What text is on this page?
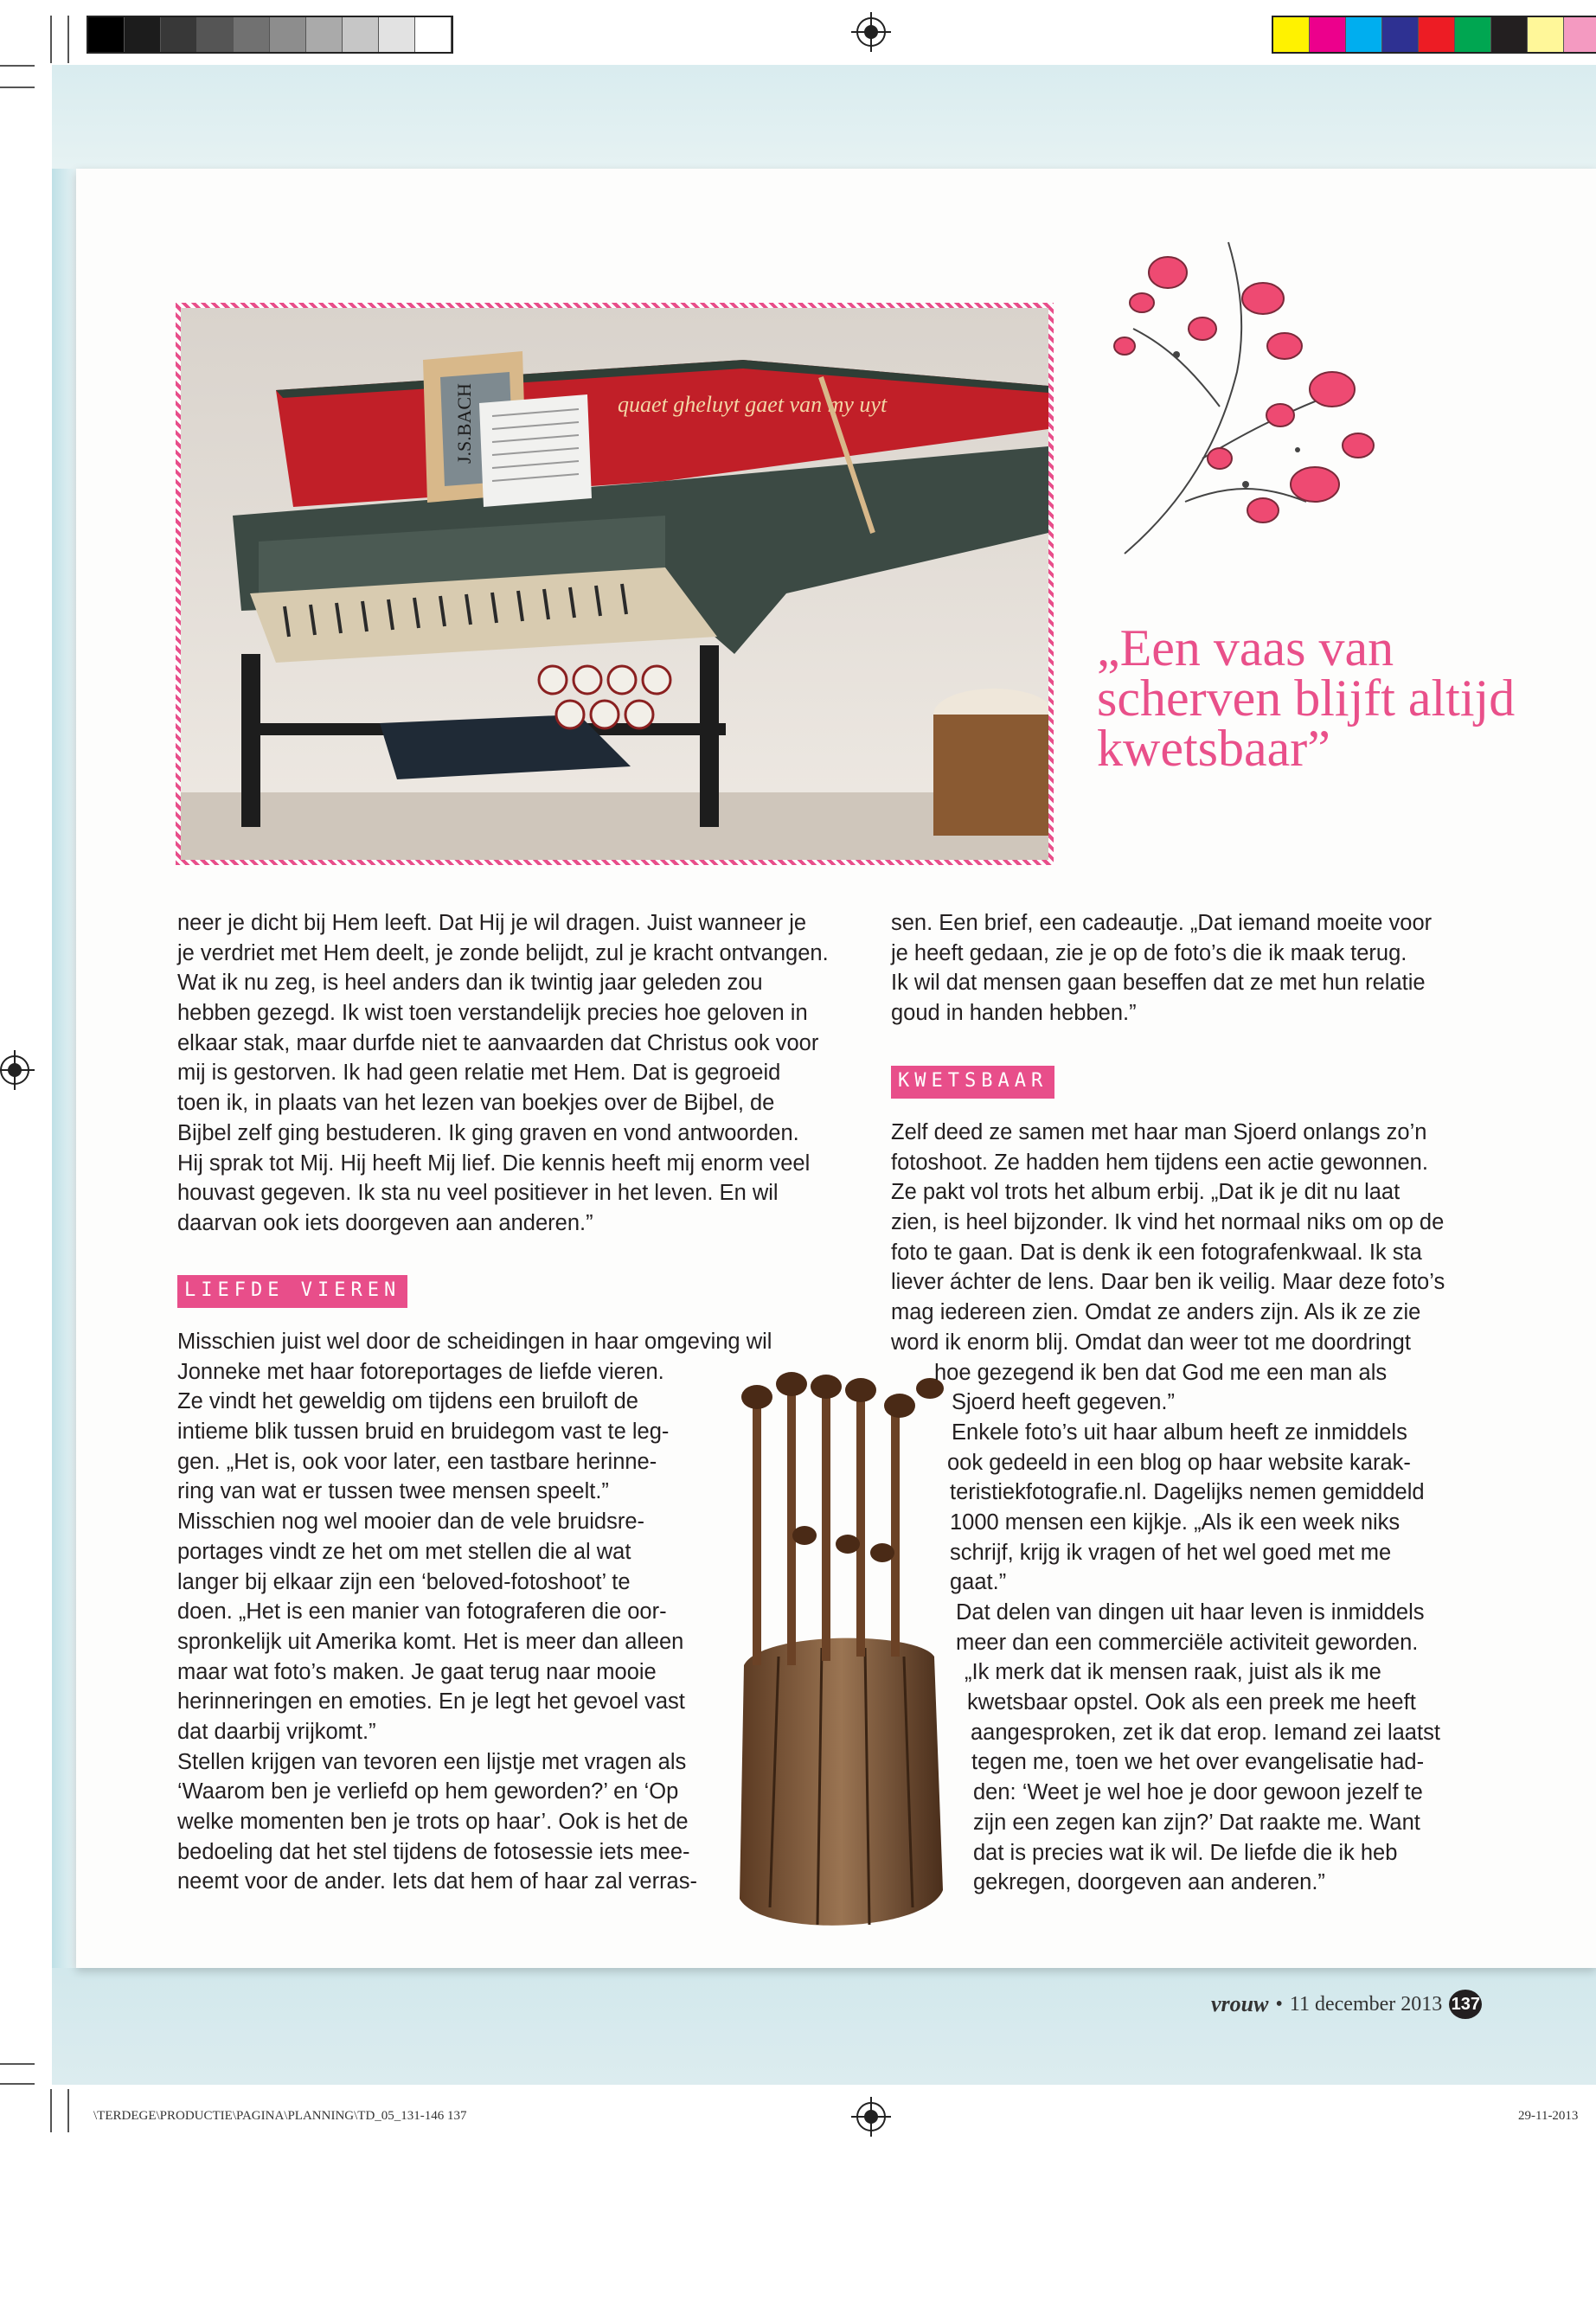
J.S.BACH	quaet gheluyt gaet van my uyt
„Een vaas van scherven blijft altijd kwetsbaar”
neer je dicht bij Hem leeft. Dat Hij je wil dragen. Juist wanneer je
je verdriet met Hem deelt, je zonde belijdt, zul je kracht ontvangen.
Wat ik nu zeg, is heel anders dan ik twintig jaar geleden zou
hebben gezegd. Ik wist toen verstandelijk precies hoe geloven in
elkaar stak, maar durfde niet te aanvaarden dat Christus ook voor
mij is gestorven. Ik had geen relatie met Hem. Dat is gegroeid
toen ik, in plaats van het lezen van boekjes over de Bijbel, de
Bijbel zelf ging bestuderen. Ik ging graven en vond antwoorden.
Hij sprak tot Mij. Hij heeft Mij lief. Die kennis heeft mij enorm veel
houvast gegeven. Ik sta nu veel positiever in het leven. En wil
daarvan ook iets doorgeven aan anderen.”
LIEFDE VIEREN
Misschien juist wel door de scheidingen in haar omgeving wil
Jonneke met haar fotoreportages de liefde vieren.
Ze vindt het geweldig om tijdens een bruiloft de
intieme blik tussen bruid en bruidegom vast te leg-
gen. „Het is, ook voor later, een tastbare herinne-
ring van wat er tussen twee mensen speelt.”
Misschien nog wel mooier dan de vele bruidsre-
portages vindt ze het om met stellen die al wat
langer bij elkaar zijn een ‘beloved-fotoshoot’ te
doen. „Het is een manier van fotograferen die oor-
spronkelijk uit Amerika komt. Het is meer dan alleen
maar wat foto’s maken. Je gaat terug naar mooie
herinneringen en emoties. En je legt het gevoel vast
dat daarbij vrijkomt.”
Stellen krijgen van tevoren een lijstje met vragen als
‘Waarom ben je verliefd op hem geworden?’ en ‘Op
welke momenten ben je trots op haar’. Ook is het de
bedoeling dat het stel tijdens de fotosessie iets mee-
neemt voor de ander. Iets dat hem of haar zal verras-
sen. Een brief, een cadeautje. „Dat iemand moeite voor
je heeft gedaan, zie je op de foto’s die ik maak terug.
Ik wil dat mensen gaan beseffen dat ze met hun relatie
goud in handen hebben.”
KWETSBAAR
Zelf deed ze samen met haar man Sjoerd onlangs zo’n
fotoshoot. Ze hadden hem tijdens een actie gewonnen.
Ze pakt vol trots het album erbij. „Dat ik je dit nu laat
zien, is heel bijzonder. Ik vind het normaal niks om op de
foto te gaan. Dat is denk ik een fotografenkwaal. Ik sta
liever áchter de lens. Daar ben ik veilig. Maar deze foto’s
mag iedereen zien. Omdat ze anders zijn. Als ik ze zie
word ik enorm blij. Omdat dan weer tot me doordringt
hoe gezegend ik ben dat God me een man als
Sjoerd heeft gegeven.”
Enkele foto’s uit haar album heeft ze inmiddels
ook gedeeld in een blog op haar website karak-
teristiekfotografie.nl. Dagelijks nemen gemiddeld
1000 mensen een kijkje. „Als ik een week niks
schrijf, krijg ik vragen of het wel goed met me
gaat.”
Dat delen van dingen uit haar leven is inmiddels
meer dan een commerciële activiteit geworden.
„Ik merk dat ik mensen raak, juist als ik me
kwetsbaar opstel. Ook als een preek me heeft
aangesproken, zet ik dat erop. Iemand zei laatst
tegen me, toen we het over evangelisatie had-
den: ‘Weet je wel hoe je door gewoon jezelf te
zijn een zegen kan zijn?’ Dat raakte me. Want
dat is precies wat ik wil. De liefde die ik heb
gekregen, doorgeven aan anderen.”
vrouw • 11 december 2013 137
\TERDEGE\PRODUCTIE\PAGINA\PLANNING\TD_05_131-146 137	29-11-2013
